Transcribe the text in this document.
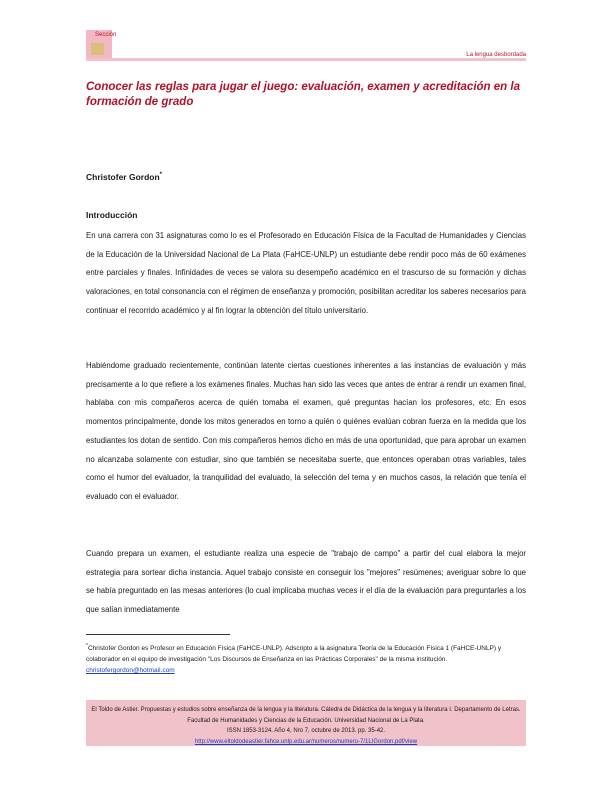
Sección
La lengua desbordada
Conocer las reglas para jugar el juego: evaluación, examen y acreditación en la formación de grado
Christofer Gordon*
Introducción
En una carrera con 31 asignaturas como lo es el Profesorado en Educación Física de la Facultad de Humanidades y Ciencias de la Educación de la Universidad Nacional de La Plata (FaHCE-UNLP) un estudiante debe rendir poco más de 60 exámenes entre parciales y finales. Infinidades de veces se valora su desempeño académico en el trascurso de su formación y dichas valoraciones, en total consonancia con el régimen de enseñanza y promoción, posibilitan acreditar los saberes necesarios para continuar el recorrido académico y al fin lograr la obtención del título universitario.
Habiéndome graduado recientemente, continúan latente ciertas cuestiones inherentes a las instancias de evaluación y más precisamente a lo que refiere a los exámenes finales. Muchas han sido las veces que antes de entrar a rendir un examen final, hablaba con mis compañeros acerca de quién tomaba el examen, qué preguntas hacían los profesores, etc. En esos momentos principalmente, donde los mitos generados en torno a quién o quiénes evalúan cobran fuerza en la medida que los estudiantes los dotan de sentido. Con mis compañeros hemos dicho en más de una oportunidad, que para aprobar un examen no alcanzaba solamente con estudiar, sino que también se necesitaba suerte, que entonces operaban otras variables, tales como el humor del evaluador, la tranquilidad del evaluado, la selección del tema y en muchos casos, la relación que tenía el evaluado con el evaluador.
Cuando prepara un examen, el estudiante realiza una especie de "trabajo de campo" a partir del cual elabora la mejor estrategia para sortear dicha instancia. Aquel trabajo consiste en conseguir los "mejores" resúmenes; averiguar sobre lo que se había preguntado en las mesas anteriores (lo cual implicaba muchas veces ir el día de la evaluación para preguntarles a los que salían inmediatamente
*Christofer Gordon es Profesor en Educación Física (FaHCE-UNLP). Adscripto a la asignatura Teoría de la Educación Física 1 (FaHCE-UNLP) y colaborador en el equipo de investigación "Los Discursos de Enseñanza en las Prácticas Corporales" de la misma institución.
christofergordon@hotmail.com
El Toldo de Astier. Propuestas y estudios sobre enseñanza de la lengua y la literatura. Cátedra de Didáctica de la lengua y la literatura I. Departamento de Letras. Facultad de Humanidades y Ciencias de la Educación. Universidad Nacional de La Plata.
ISSN 1853-3124. Año 4, Nro 7, octubre de 2013. pp. 35-42.
http://www.eltoldodeastier.fahce.unlp.edu.ar/numeros/numero-7/1LIGordon.pdf/view
